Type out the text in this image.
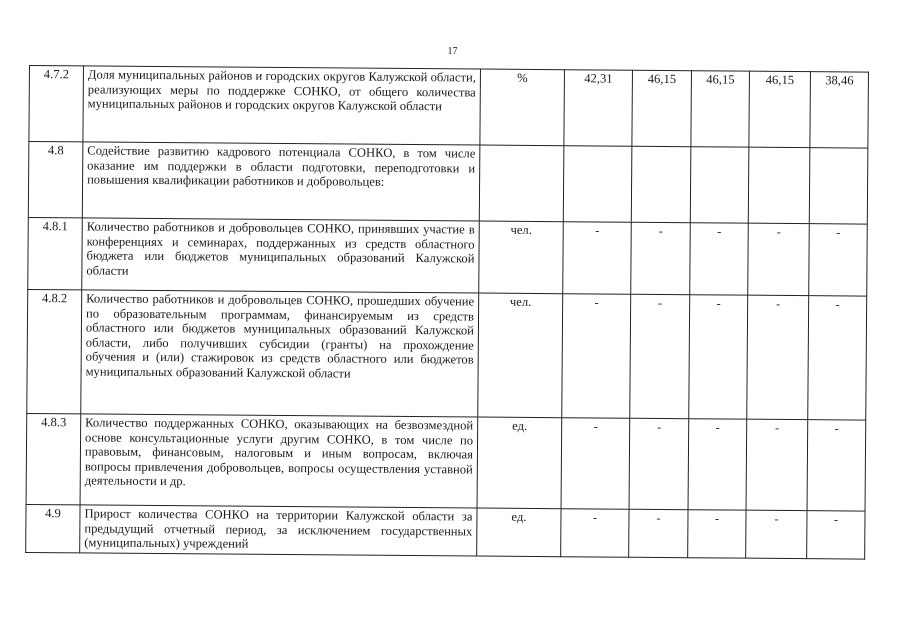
17
4.7.2	Доля муниципальных районов и городских округов Калужской области, реализующих меры по поддержке СОНКО, от общего количества муниципальных районов и городских округов Калужской области	%	42,31	46,15	46,15	46,15	38,46
4.8	Содействие развитию кадрового потенциала СОНКО, в том числе оказание им поддержки в области подготовки, переподготовки и повышения квалификации работников и добровольцев:						
4.8.1	Количество работников и добровольцев СОНКО, принявших участие в конференциях и семинарах, поддержанных из средств областного бюджета или бюджетов муниципальных образований Калужской области	чел.	-	-	-	-	-
4.8.2	Количество работников и добровольцев СОНКО, прошедших обучение по образовательным программам, финансируемым из средств областного или бюджетов муниципальных образований Калужской области, либо получивших субсидии (гранты) на прохождение обучения и (или) стажировок из средств областного или бюджетов муниципальных образований Калужской области	чел.	-	-	-	-	-
4.8.3	Количество поддержанных СОНКО, оказывающих на безвозмездной основе консультационные услуги другим СОНКО, в том числе по правовым, финансовым, налоговым и иным вопросам, включая вопросы привлечения добровольцев, вопросы осуществления уставной деятельности и др.	ед.	-	-	-	-	-
4.9	Прирост количества СОНКО на территории Калужской области за предыдущий отчетный период, за исключением государственных (муниципальных) учреждений	ед.	-	-	-	-	-
